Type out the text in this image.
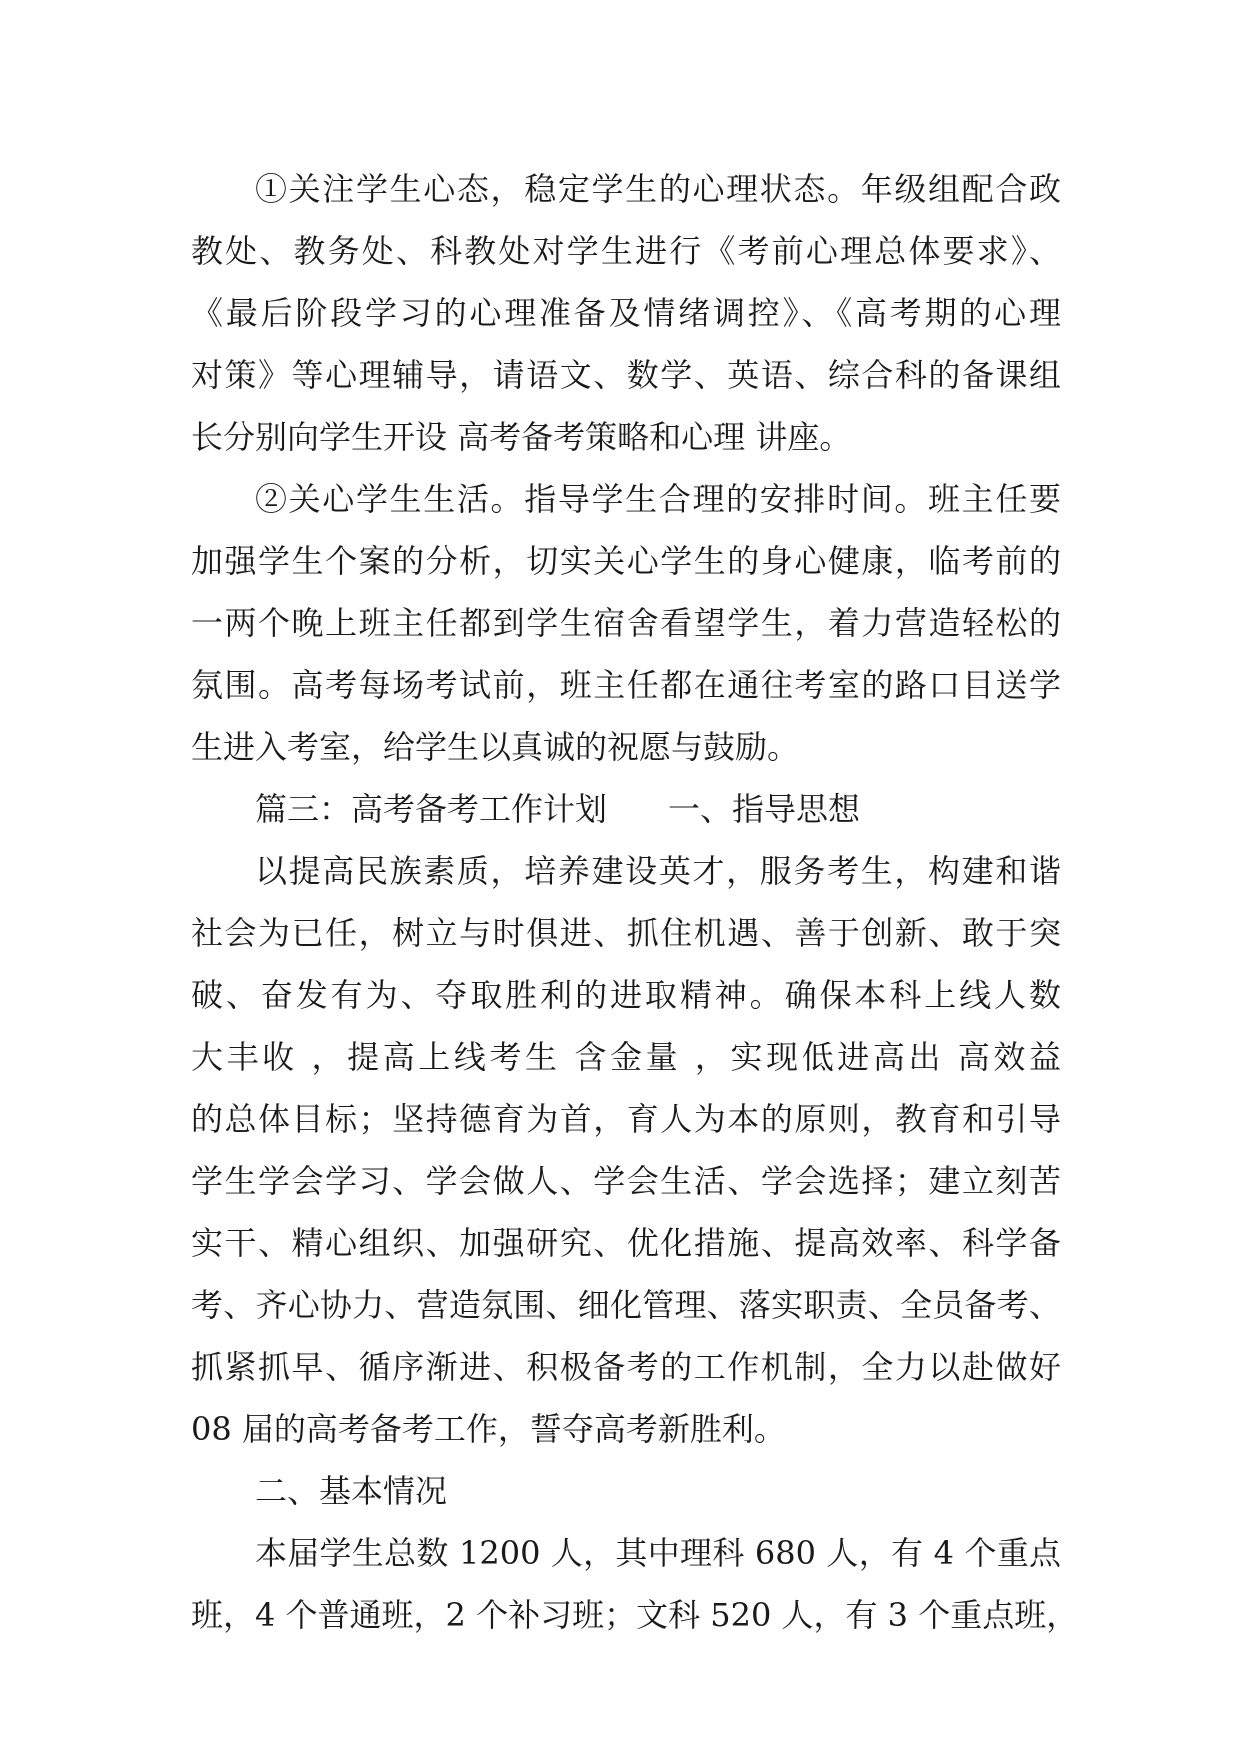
①关注学生心态，稳定学生的心理状态。年级组配合政
教处、教务处、科教处对学生进行《考前心理总体要求》、
《最后阶段学习的心理准备及情绪调控》、《高考期的心理
对策》等心理辅导，请语文、数学、英语、综合科的备课组
长分别向学生开设 高考备考策略和心理 讲座。
②关心学生生活。指导学生合理的安排时间。班主任要
加强学生个案的分析，切实关心学生的身心健康，临考前的
一两个晚上班主任都到学生宿舍看望学生，着力营造轻松的
氛围。高考每场考试前，班主任都在通往考室的路口目送学
生进入考室，给学生以真诚的祝愿与鼓励。
篇三：高考备考工作计划      一、指导思想
以提高民族素质，培养建设英才，服务考生，构建和谐
社会为已任，树立与时俱进、抓住机遇、善于创新、敢于突
破、奋发有为、夺取胜利的进取精神。确保本科上线人数
大丰收 ，提高上线考生 含金量 ，实现低进高出 高效益
的总体目标；坚持德育为首，育人为本的原则，教育和引导
学生学会学习、学会做人、学会生活、学会选择；建立刻苦
实干、精心组织、加强研究、优化措施、提高效率、科学备
考、齐心协力、营造氛围、细化管理、落实职责、全员备考、
抓紧抓早、循序渐进、积极备考的工作机制，全力以赴做好
08 届的高考备考工作，誓夺高考新胜利。
二、基本情况
本届学生总数 1200 人，其中理科 680 人，有 4 个重点
班，4 个普通班，2 个补习班；文科 520 人，有 3 个重点班，
